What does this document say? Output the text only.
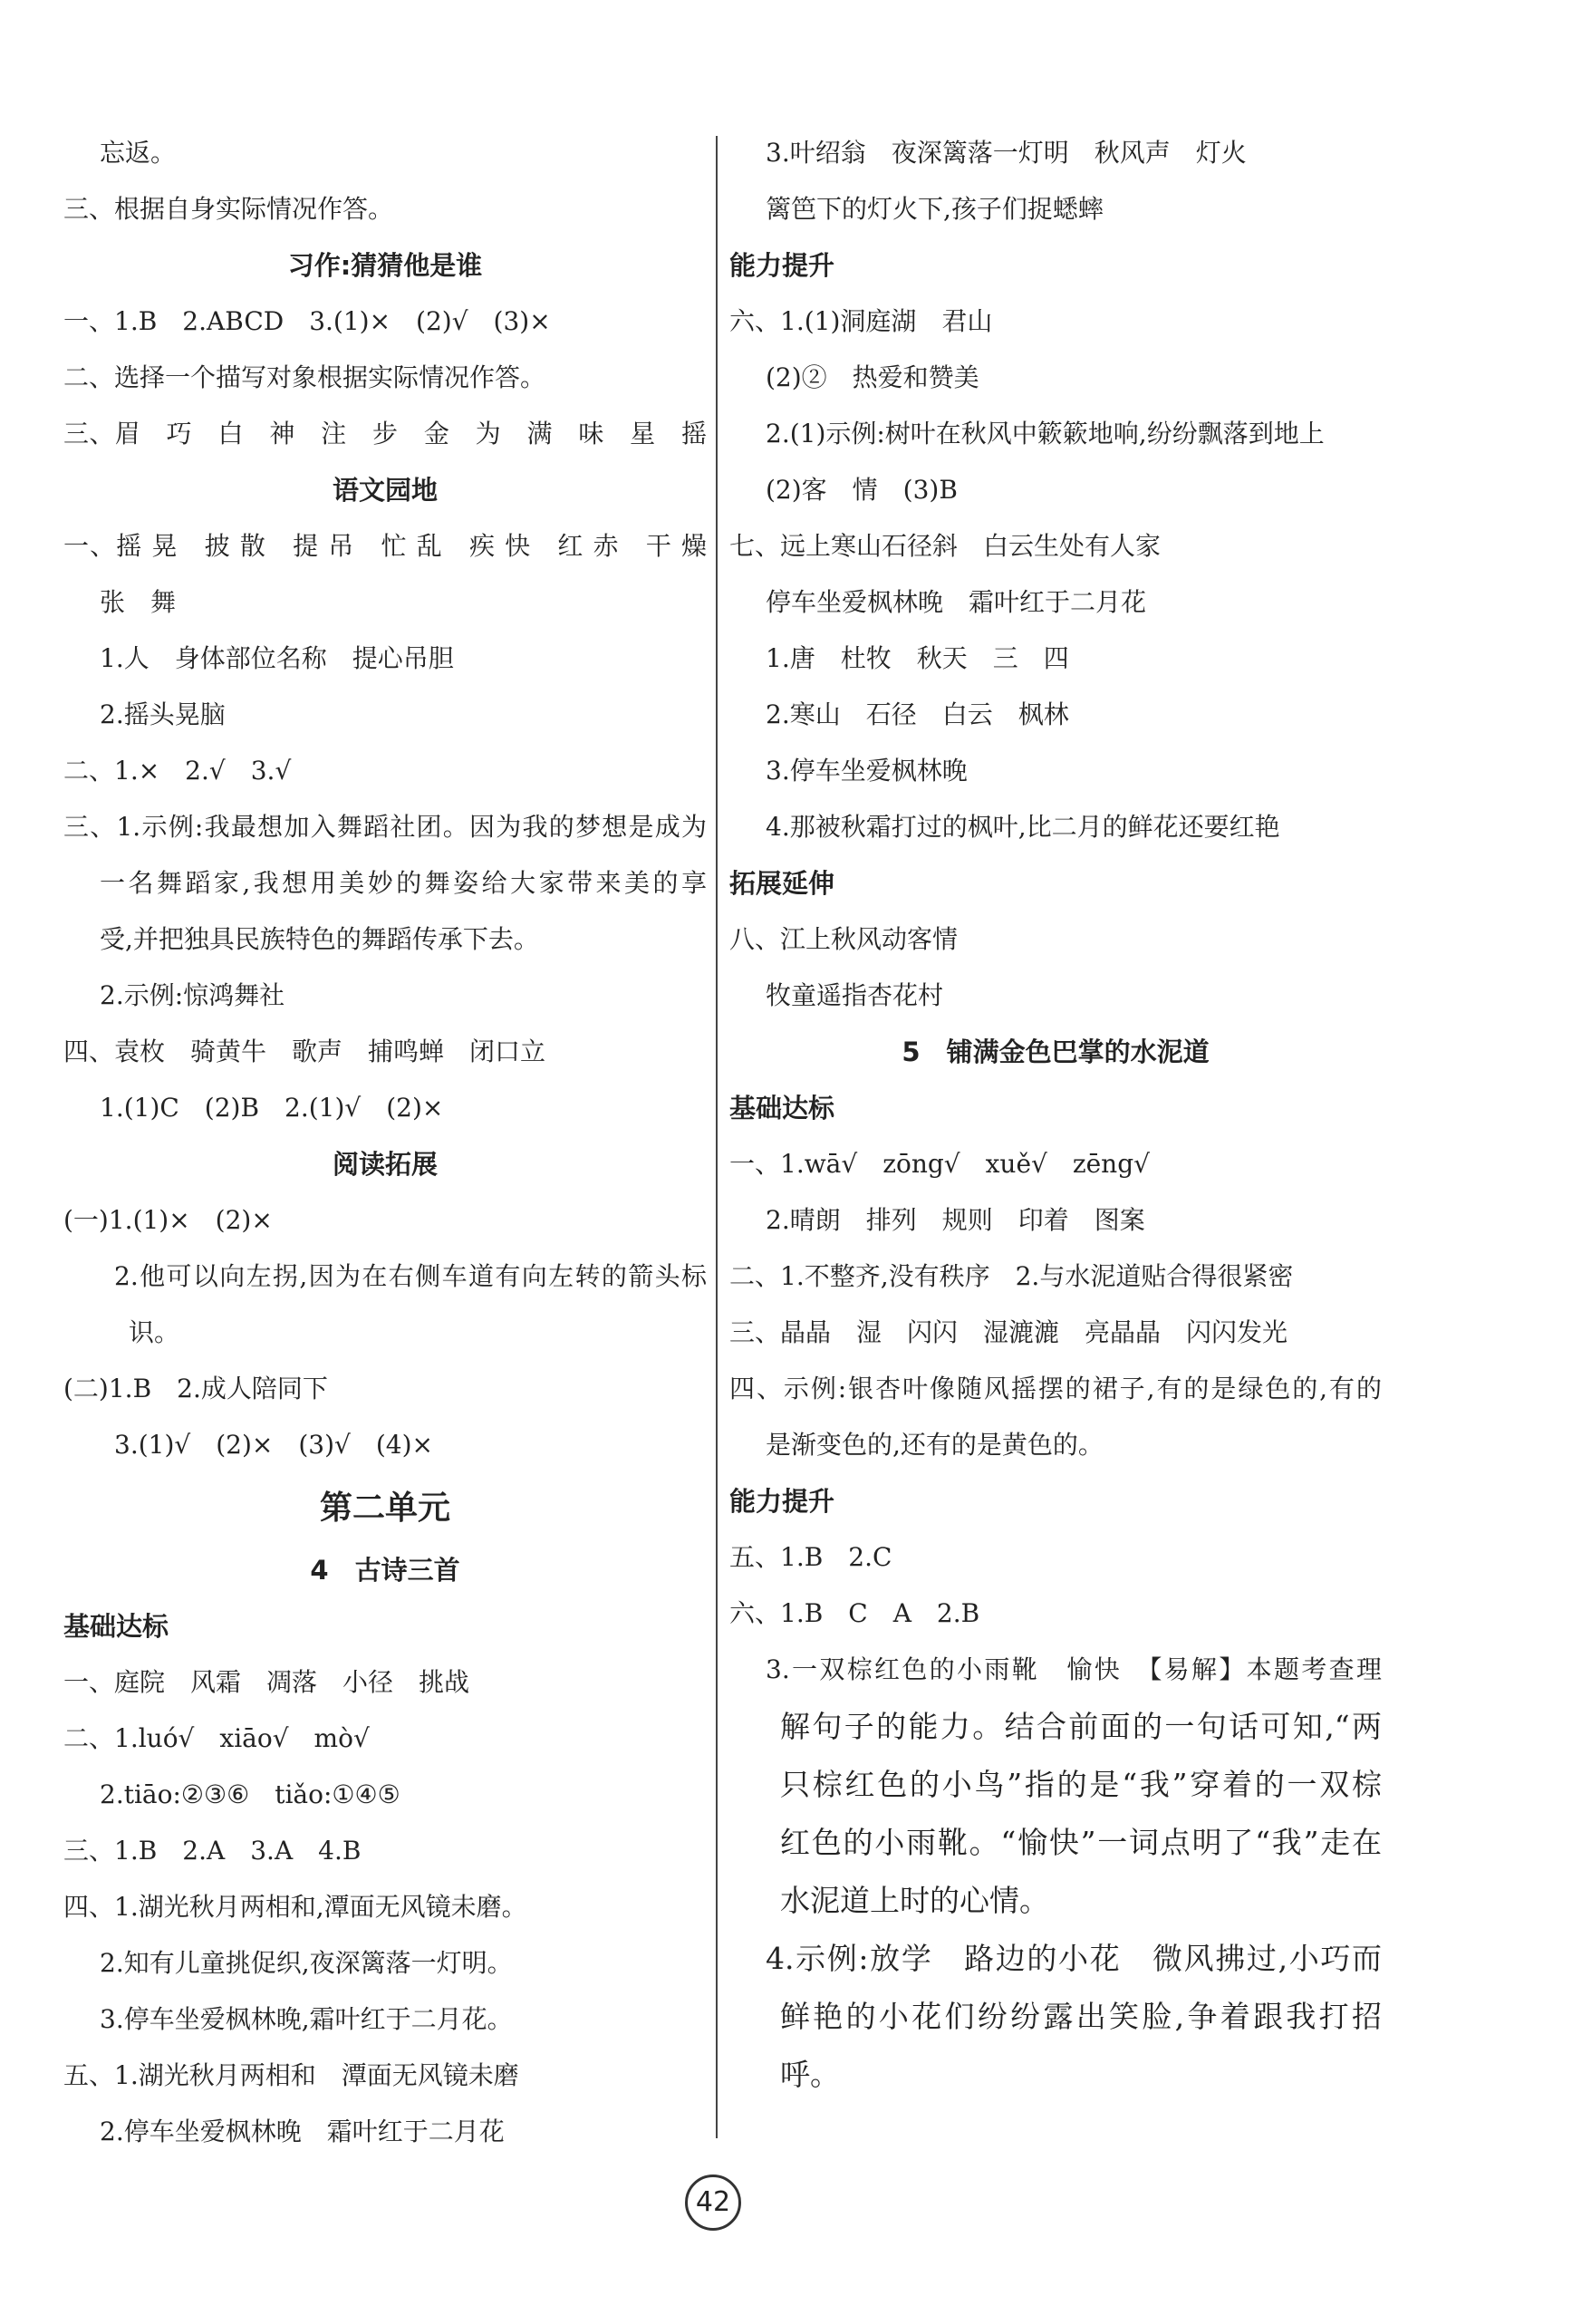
忘返。
三、根据自身实际情况作答。
习作:猜猜他是谁
一、1.B　2.ABCD　3.(1)×　(2)√　(3)×
二、选择一个描写对象根据实际情况作答。
三、眉　巧　白　神　注　步　金　为　满　味　星　摇
语文园地
一、摇 晃　披 散　提 吊　忙 乱　疾 快　红 赤　干 燥
张　舞
1.人　身体部位名称　提心吊胆
2.摇头晃脑
二、1.×　2.√　3.√
三、1.示例:我最想加入舞蹈社团。因为我的梦想是成为
一名舞蹈家,我想用美妙的舞姿给大家带来美的享
受,并把独具民族特色的舞蹈传承下去。
2.示例:惊鸿舞社
四、袁枚　骑黄牛　歌声　捕鸣蝉　闭口立
1.(1)C　(2)B　2.(1)√　(2)×
阅读拓展
(一)1.(1)×　(2)×
2.他可以向左拐,因为在右侧车道有向左转的箭头标
识。
(二)1.B　2.成人陪同下
3.(1)√　(2)×　(3)√　(4)×
第二单元
4　古诗三首
基础达标
一、庭院　风霜　凋落　小径　挑战
二、1.luó√　xiāo√　mò√
2.tiāo:②③⑥　tiǎo:①④⑤
三、1.B　2.A　3.A　4.B
四、1.湖光秋月两相和,潭面无风镜未磨。
2.知有儿童挑促织,夜深篱落一灯明。
3.停车坐爱枫林晚,霜叶红于二月花。
五、1.湖光秋月两相和　潭面无风镜未磨
2.停车坐爱枫林晚　霜叶红于二月花
3.叶绍翁　夜深篱落一灯明　秋风声　灯火
篱笆下的灯火下,孩子们捉蟋蟀
能力提升
六、1.(1)洞庭湖　君山
(2)②　热爱和赞美
2.(1)示例:树叶在秋风中簌簌地响,纷纷飘落到地上
(2)客　情　(3)B
七、远上寒山石径斜　白云生处有人家
停车坐爱枫林晚　霜叶红于二月花
1.唐　杜牧　秋天　三　四
2.寒山　石径　白云　枫林
3.停车坐爱枫林晚
4.那被秋霜打过的枫叶,比二月的鲜花还要红艳
拓展延伸
八、江上秋风动客情
牧童遥指杏花村
5　铺满金色巴掌的水泥道
基础达标
一、1.wā√　zōng√　xuě√　zēng√
2.晴朗　排列　规则　印着　图案
二、1.不整齐,没有秩序　2.与水泥道贴合得很紧密
三、晶晶　湿　闪闪　湿漉漉　亮晶晶　闪闪发光
四、示例:银杏叶像随风摇摆的裙子,有的是绿色的,有的
是渐变色的,还有的是黄色的。
能力提升
五、1.B　2.C
六、1.B　C　A　2.B
3.一双棕红色的小雨靴　愉快　【易解】本题考查理
解句子的能力。结合前面的一句话可知,“两
只棕红色的小鸟”指的是“我”穿着的一双棕
红色的小雨靴。“愉快”一词点明了“我”走在
水泥道上时的心情。
4.示例:放学　路边的小花　微风拂过,小巧而
鲜艳的小花们纷纷露出笑脸,争着跟我打招
呼。
42
